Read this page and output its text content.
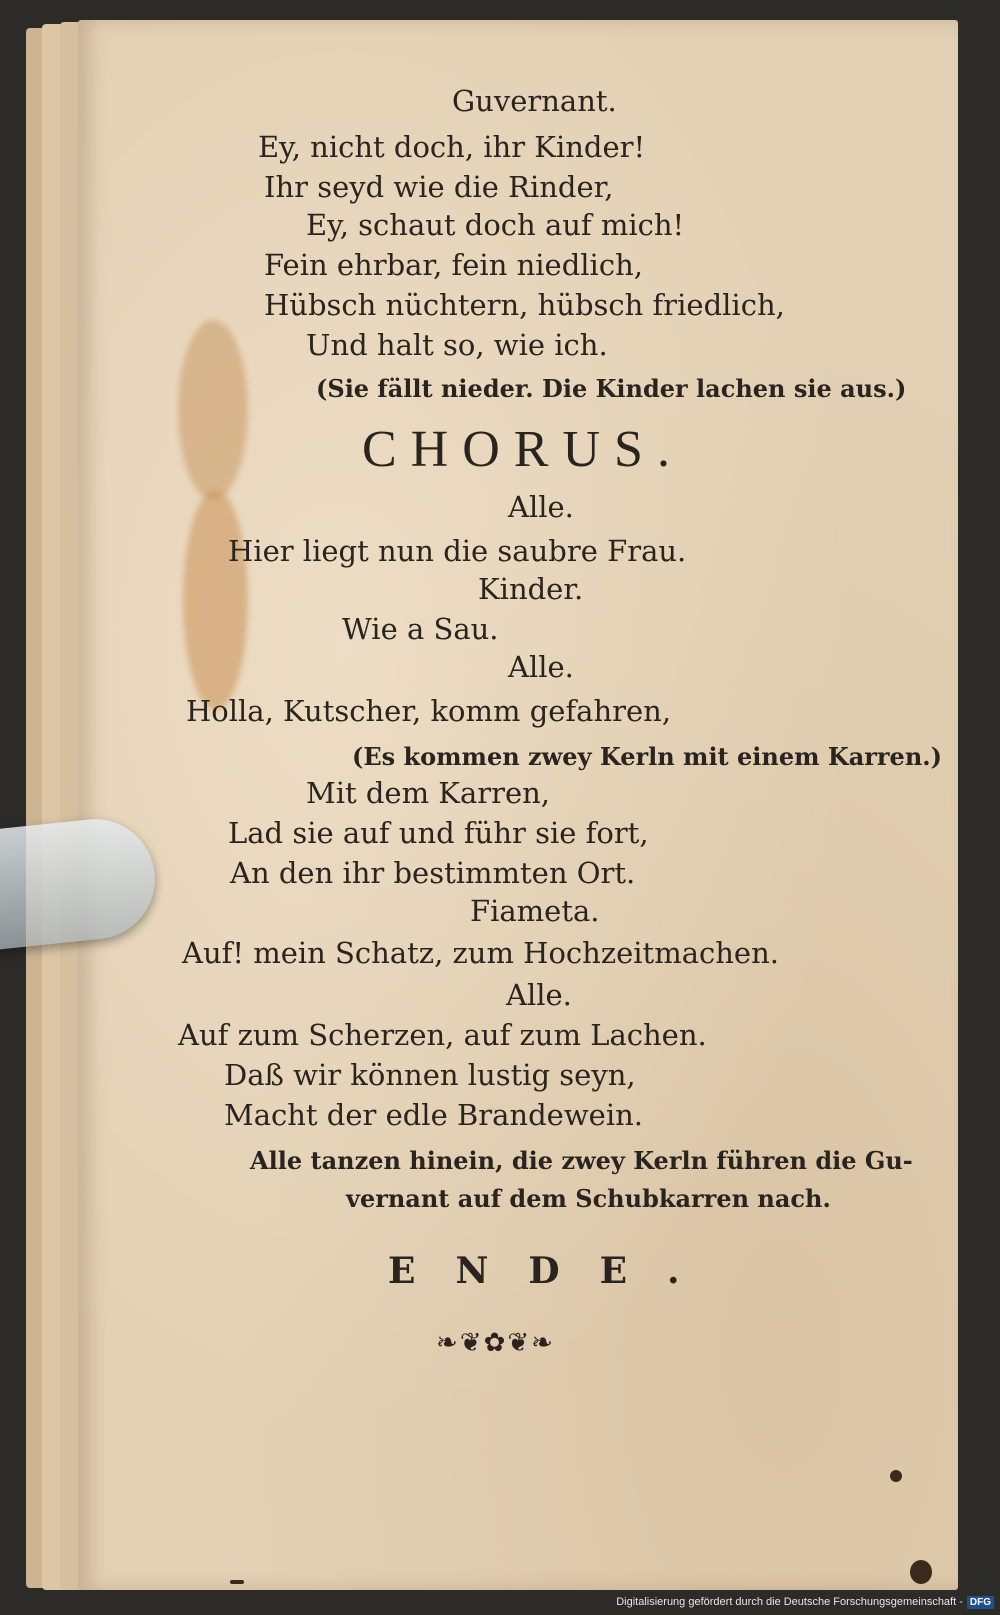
Guvernant.
Ey, nicht doch, ihr Kinder!
Ihr seyd wie die Rinder,
Ey, schaut doch auf mich!
Fein ehrbar, fein niedlich,
Hübsch nüchtern, hübsch friedlich,
Und halt so, wie ich.
(Sie fällt nieder. Die Kinder lachen sie aus.)
CHORUS.
Alle.
Hier liegt nun die saubre Frau.
Kinder.
Wie a Sau.
Alle.
Holla, Kutscher, komm gefahren,
(Es kommen zwey Kerln mit einem Karren.)
Mit dem Karren,
Lad sie auf und führ sie fort,
An den ihr bestimmten Ort.
Fiameta.
Auf! mein Schatz, zum Hochzeitmachen.
Alle.
Auf zum Scherzen, auf zum Lachen.
Daß wir können lustig seyn,
Macht der edle Brandewein.
Alle tanzen hinein, die zwey Kerln führen die Gu-
vernant auf dem Schubkarren nach.
ENDE.
❧❦✿❦❧
Digitalisierung gefördert durch die Deutsche Forschungsgemeinschaft - DFG
